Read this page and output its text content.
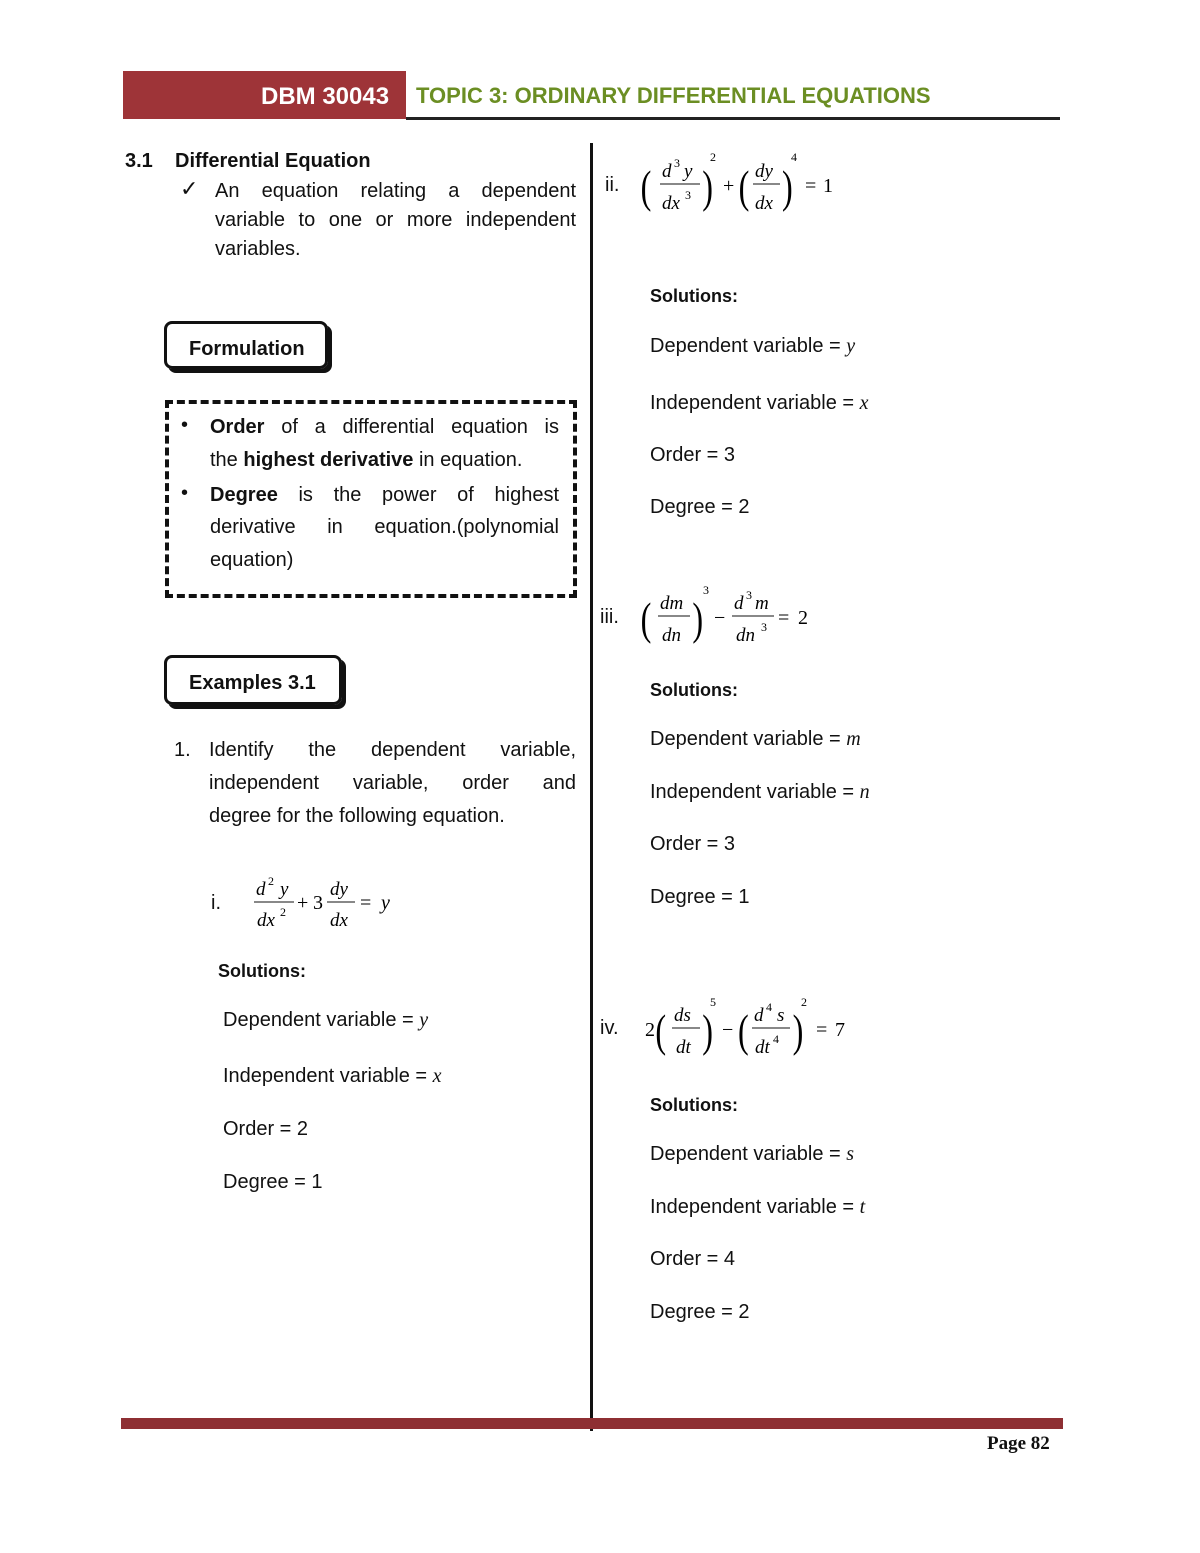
DBM 30043	TOPIC 3: ORDINARY DIFFERENTIAL EQUATIONS
3.1 Differential Equation
✓ An equation relating a dependent
variable to one or more independent
variables.
Formulation
• Order of a differential equation is
the highest derivative in equation.
• Degree is the power of highest
derivative in equation.(polynomial
equation)
Examples 3.1
1. Identify the dependent variable,
independent variable, order and
degree for the following equation.
i.
d 2 y
dx 2 + 3
dy
dx
= y
Solutions:
Dependent variable = y
Independent variable = x
Order = 2
Degree = 1
ii. ( d 3 y
dx 3 )
2
+ ( dy
dx )
4
= 1
Solutions:
Dependent variable = y
Independent variable = x
Order = 3
Degree = 2
iii. ( dm
dn )
3
−
d 3 m
dn 3 = 2
Solutions:
Dependent variable = m
Independent variable = n
Order = 3
Degree = 1
iv. 2 ( ds
dt )
5
− ( d 4 s
dt 4 )
2
= 7
Solutions:
Dependent variable = s
Independent variable = t
Order = 4
Degree = 2
Page 82
